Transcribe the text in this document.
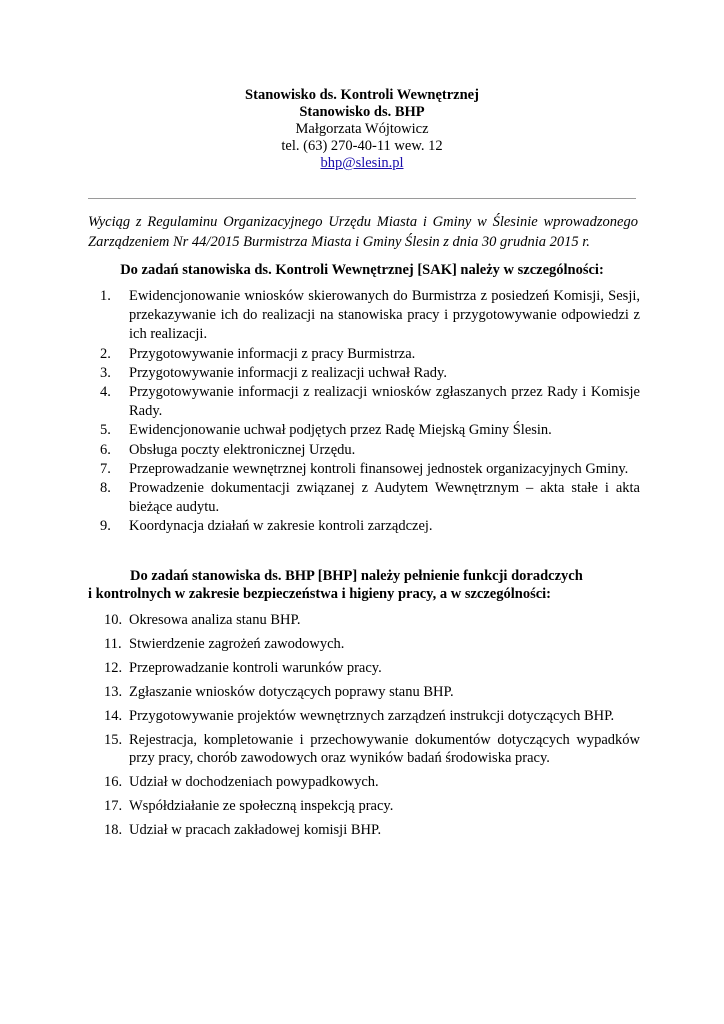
Stanowisko ds. Kontroli Wewnętrznej
Stanowisko ds. BHP
Małgorzata Wójtowicz
tel. (63) 270-40-11 wew. 12
bhp@slesin.pl
Wyciąg z Regulaminu Organizacyjnego Urzędu Miasta i Gminy w Ślesinie wprowadzonego Zarządzeniem Nr 44/2015 Burmistrza Miasta i Gminy Ślesin z dnia 30 grudnia 2015 r.
Do zadań stanowiska ds. Kontroli Wewnętrznej [SAK] należy w szczególności:
1.	Ewidencjonowanie wniosków skierowanych do Burmistrza z posiedzeń Komisji, Sesji, przekazywanie ich do realizacji na stanowiska pracy i przygotowywanie odpowiedzi z ich realizacji.
2.	Przygotowywanie informacji z pracy Burmistrza.
3.	Przygotowywanie informacji z realizacji uchwał Rady.
4.	Przygotowywanie informacji z realizacji wniosków zgłaszanych przez Rady i Komisje Rady.
5.	Ewidencjonowanie uchwał podjętych przez Radę Miejską Gminy Ślesin.
6.	Obsługa poczty elektronicznej Urzędu.
7.	Przeprowadzanie wewnętrznej kontroli finansowej jednostek organizacyjnych Gminy.
8.	Prowadzenie dokumentacji związanej z Audytem Wewnętrznym – akta stałe i akta bieżące audytu.
9.	Koordynacja działań w zakresie kontroli zarządczej.
Do zadań stanowiska ds. BHP [BHP] należy pełnienie funkcji doradczych
i kontrolnych w zakresie bezpieczeństwa i higieny pracy, a w szczególności:
10. Okresowa analiza stanu BHP.
11. Stwierdzenie zagrożeń zawodowych.
12. Przeprowadzanie kontroli warunków pracy.
13. Zgłaszanie wniosków dotyczących poprawy stanu BHP.
14. Przygotowywanie projektów wewnętrznych zarządzeń instrukcji dotyczących BHP.
15. Rejestracja, kompletowanie i przechowywanie dokumentów dotyczących wypadków przy pracy, chorób zawodowych oraz wyników badań środowiska pracy.
16. Udział w dochodzeniach powypadkowych.
17. Współdziałanie ze społeczną inspekcją pracy.
18. Udział w pracach zakładowej komisji BHP.
